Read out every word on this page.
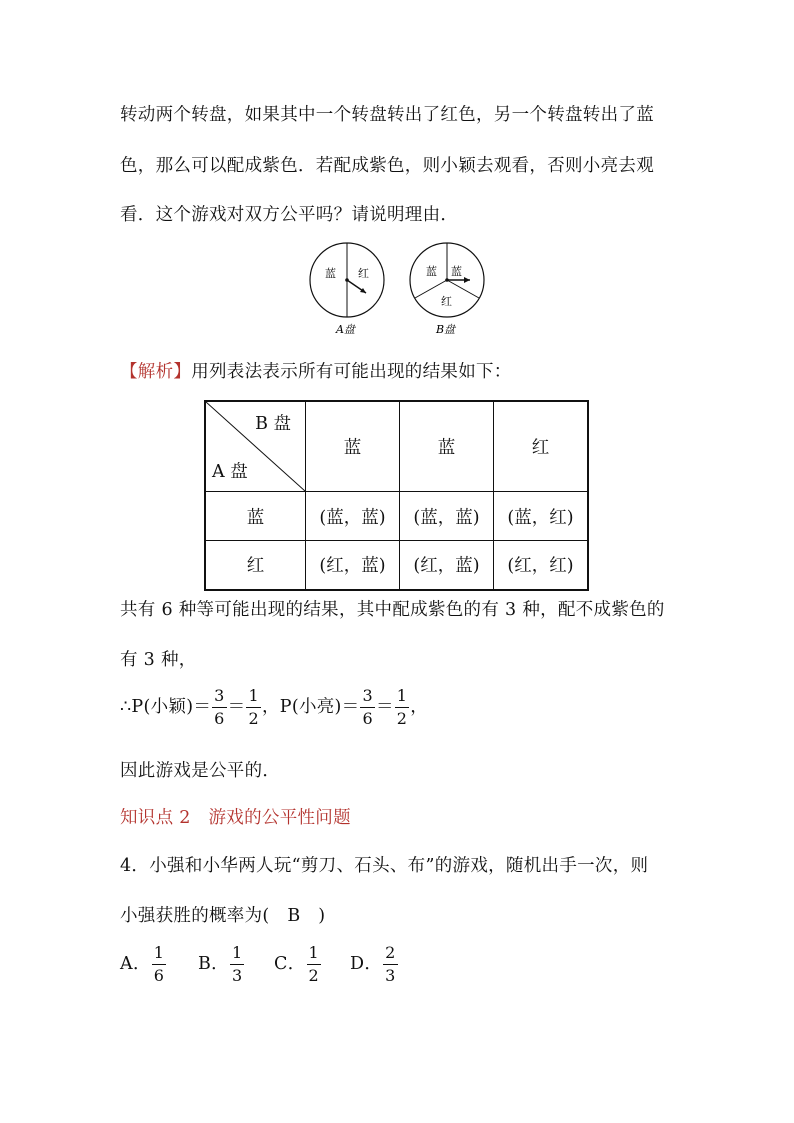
转动两个转盘，如果其中一个转盘转出了红色，另一个转盘转出了蓝
色，那么可以配成紫色．若配成紫色，则小颖去观看，否则小亮去观
看．这个游戏对双方公平吗？请说明理由．
蓝 红
A盘
蓝 蓝
红
B盘
【解析】用列表法表示所有可能出现的结果如下：
B 盘
A 盘	蓝	蓝	红
蓝	(蓝，蓝)	(蓝，蓝)	(蓝，红)
红	(红，蓝)	(红，蓝)	(红，红)
共有 6 种等可能出现的结果，其中配成紫色的有 3 种，配不成紫色的
有 3 种，
∴P(小颖)＝ $\frac{3}{6} = \frac{1}{2}$ ，P(小亮)＝ $\frac{3}{6} = \frac{1}{2}$ ，
因此游戏是公平的．
知识点 2　游戏的公平性问题
4．小强和小华两人玩“剪刀、石头、布”的游戏，随机出手一次，则
小强获胜的概率为(　B　)
A． $\frac{1}{6}$ B． $\frac{1}{3}$ C． $\frac{1}{2}$ D． $\frac{2}{3}$
